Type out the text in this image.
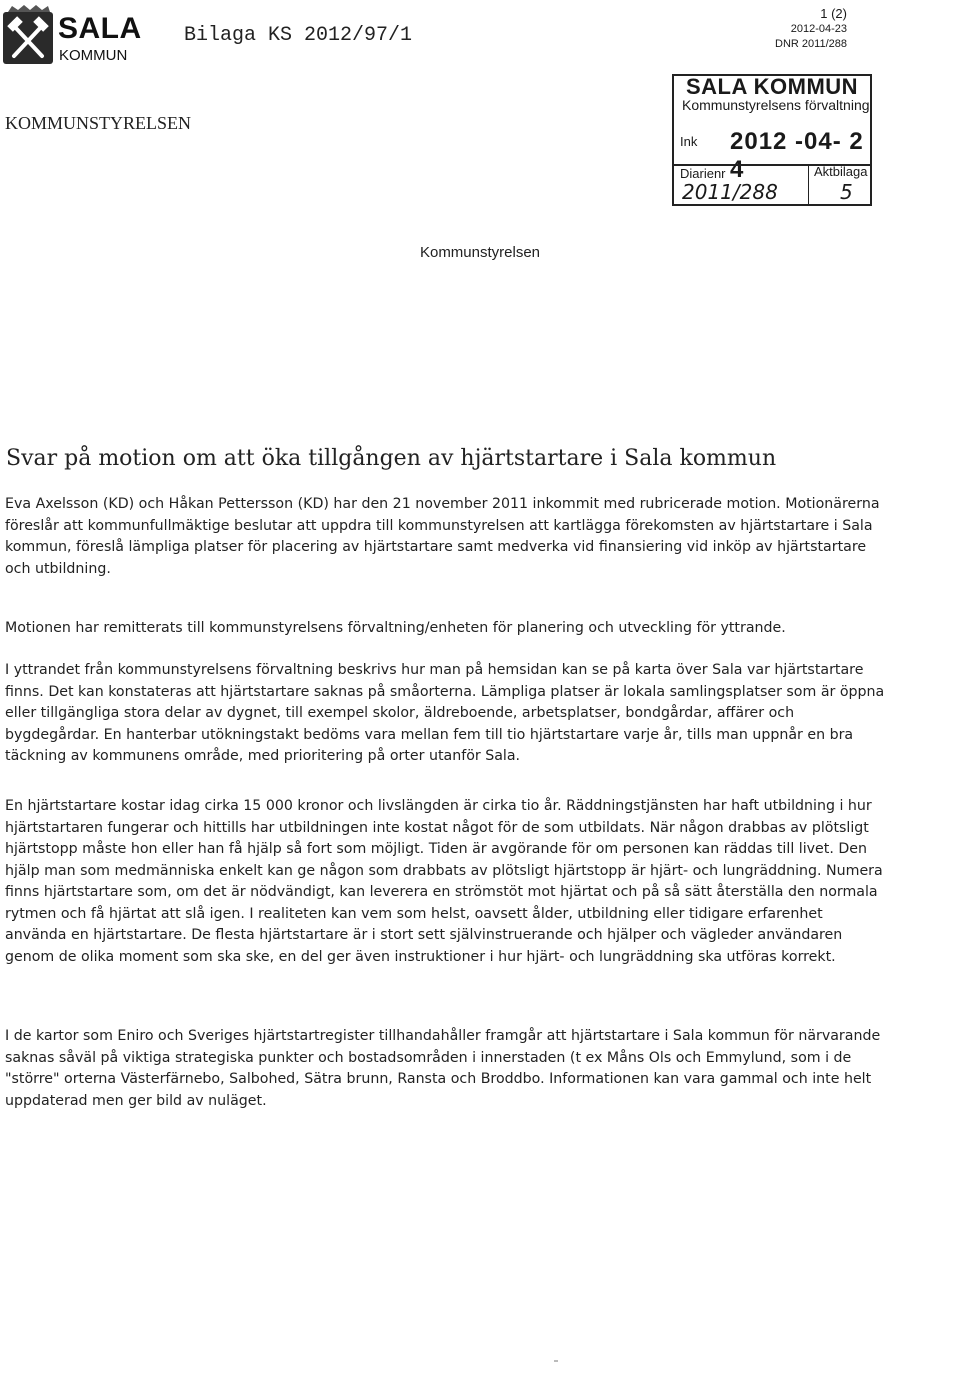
SALA
KOMMUN
Bilaga KS 2012/97/1
1 (2)
2012-04-23
DNR 2011/288
KOMMUNSTYRELSEN
SALA KOMMUN
Kommunstyrelsens förvaltning
Ink 2012 -04- 2 4
Diarienr	Aktbilaga
2011/288	5
Kommunstyrelsen
Svar på motion om att öka tillgången av hjärtstartare i Sala kommun

Eva Axelsson (KD) och Håkan Pettersson (KD) har den 21 november 2011 inkommit med rubricerade motion. Motionärerna föreslår att kommunfullmäktige beslutar att uppdra till kommunstyrelsen att kartlägga förekomsten av hjärtstartare i Sala kommun, föreslå lämpliga platser för placering av hjärtstartare samt medverka vid finansiering vid inköp av hjärtstartare och utbildning.

Motionen har remitterats till kommunstyrelsens förvaltning/enheten för planering och utveckling för yttrande.

I yttrandet från kommunstyrelsens förvaltning beskrivs hur man på hemsidan kan se på karta över Sala var hjärtstartare finns. Det kan konstateras att hjärtstartare saknas på småorterna. Lämpliga platser är lokala samlingsplatser som är öppna eller tillgängliga stora delar av dygnet, till exempel skolor, äldreboende, arbetsplatser, bondgårdar, affärer och bygdegårdar. En hanterbar utökningstakt bedöms vara mellan fem till tio hjärtstartare varje år, tills man uppnår en bra täckning av kommunens område, med prioritering på orter utanför Sala.

En hjärtstartare kostar idag cirka 15 000 kronor och livslängden är cirka tio år. Räddningstjänsten har haft utbildning i hur hjärtstartaren fungerar och hittills har utbildningen inte kostat något för de som utbildats. När någon drabbas av plötsligt hjärtstopp måste hon eller han få hjälp så fort som möjligt. Tiden är avgörande för om personen kan räddas till livet. Den hjälp man som medmänniska enkelt kan ge någon som drabbats av plötsligt hjärtstopp är hjärt- och lungräddning. Numera finns hjärtstartare som, om det är nödvändigt, kan leverera en strömstöt mot hjärtat och på så sätt återställa den normala rytmen och få hjärtat att slå igen. I realiteten kan vem som helst, oavsett ålder, utbildning eller tidigare erfarenhet använda en hjärtstartare. De flesta hjärtstartare är i stort sett självinstruerande och hjälper och vägleder användaren genom de olika moment som ska ske, en del ger även instruktioner i hur hjärt- och lungräddning ska utföras korrekt.

I de kartor som Eniro och Sveriges hjärtstartregister tillhandahåller framgår att hjärtstartare i Sala kommun för närvarande saknas såväl på viktiga strategiska punkter och bostadsområden i innerstaden (t ex Måns Ols och Emmylund, som i de "större" orterna Västerfärnebo, Salbohed, Sätra brunn, Ransta och Broddbo. Informationen kan vara gammal och inte helt uppdaterad men ger bild av nuläget.
